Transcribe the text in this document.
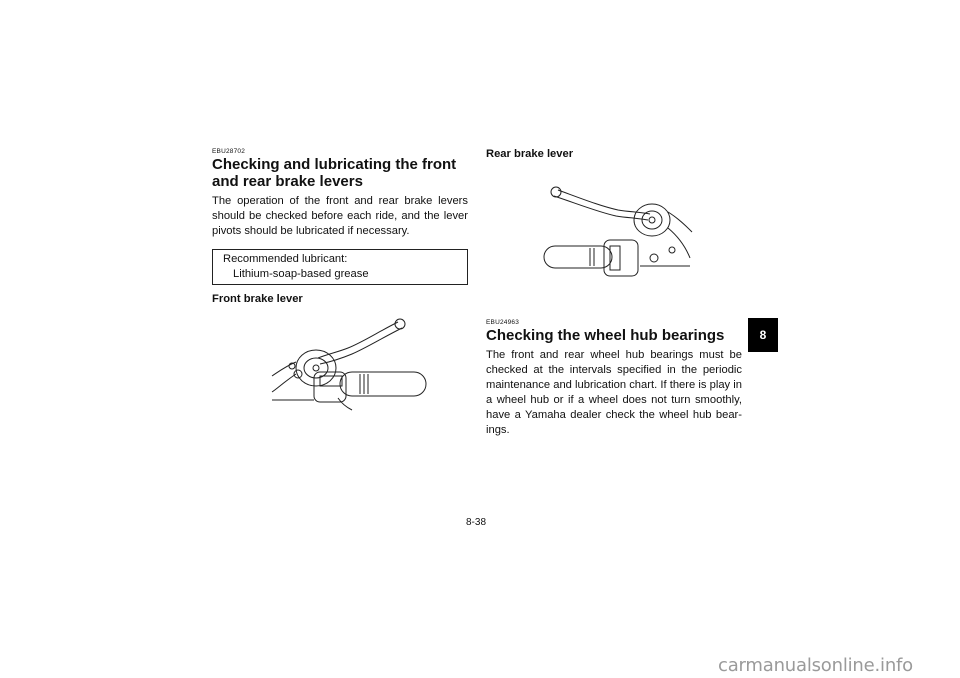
EBU28702
Checking and lubricating the front and rear brake levers

The operation of the front and rear brake levers should be checked before each ride, and the lever pivots should be lubricated if necessary.

Recommended lubricant:
Lithium-soap-based grease
Front brake lever
Rear brake lever
EBU24963
Checking the wheel hub bearings

The front and rear wheel hub bearings must be checked at the intervals specified in the periodic maintenance and lubrication chart. If there is play in a wheel hub or if a wheel does not turn smoothly, have a Yamaha dealer check the wheel hub bear-ings.

8
8-38
carmanualsonline.info
